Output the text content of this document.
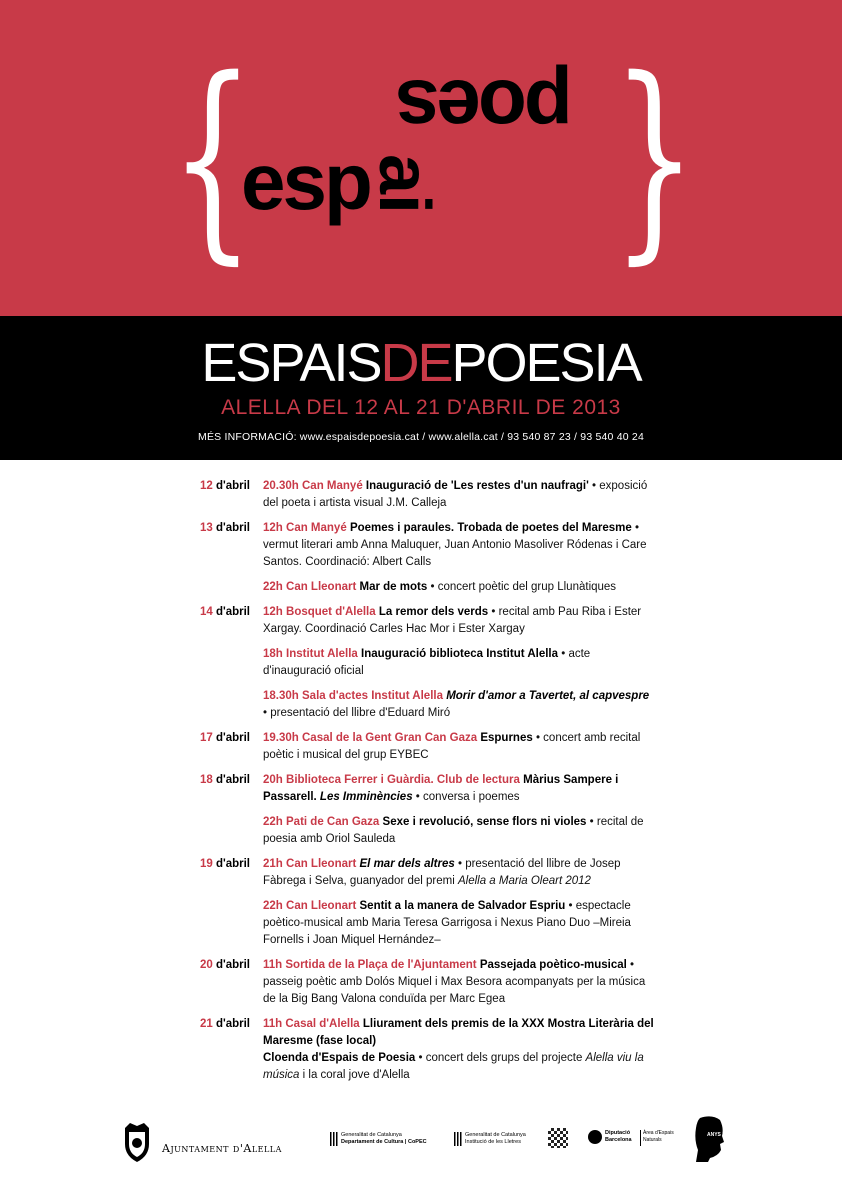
{ }
poes
esp
ai
ESPAISDEPOESIA
ALELLA DEL 12 AL 21 D'ABRIL DE 2013
MÉS INFORMACIÓ: www.espaisdepoesia.cat / www.alella.cat / 93 540 87 23 / 93 540 40 24
12 d'abril 20.30h Can Manyé Inauguració de 'Les restes d'un naufragi' • exposició del poeta i artista visual J.M. Calleja
13 d'abril 12h Can Manyé Poemes i paraules. Trobada de poetes del Maresme • vermut literari amb Anna Maluquer, Juan Antonio Masoliver Ródenas i Care Santos. Coordinació: Albert Calls
22h Can Lleonart Mar de mots • concert poètic del grup Llunàtiques
14 d'abril 12h Bosquet d'Alella La remor dels verds • recital amb Pau Riba i Ester Xargay. Coordinació Carles Hac Mor i Ester Xargay
18h Institut Alella Inauguració biblioteca Institut Alella • acte d'inauguració oficial
18.30h Sala d'actes Institut Alella Morir d'amor a Tavertet, al capvespre • presentació del llibre d'Eduard Miró
17 d'abril 19.30h Casal de la Gent Gran Can Gaza Espurnes • concert amb recital poètic i musical del grup EYBEC
18 d'abril 20h Biblioteca Ferrer i Guàrdia. Club de lectura Màrius Sampere i Passarell. Les Imminències • conversa i poemes
22h Pati de Can Gaza Sexe i revolució, sense flors ni violes • recital de poesia amb Oriol Sauleda
19 d'abril 21h Can Lleonart El mar dels altres • presentació del llibre de Josep Fàbrega i Selva, guanyador del premi Alella a Maria Oleart 2012
22h Can Lleonart Sentit a la manera de Salvador Espriu • espectacle poètico-musical amb Maria Teresa Garrigosa i Nexus Piano Duo –Mireia Fornells i Joan Miquel Hernández–
20 d'abril 11h Sortida de la Plaça de l'Ajuntament Passejada poètico-musical • passeig poètic amb Dolós Miquel i Max Besora acompanyats per la música de la Big Bang Valona conduïda per Marc Egea
21 d'abril 11h Casal d'Alella Lliurament dels premis de la XXX Mostra Literària del Maresme (fase local)
Cloenda d'Espais de Poesia • concert dels grups del projecte Alella viu la música i la coral jove d'Alella
Ajuntament d'Alella
Generalitat de Catalunya
Departament de Cultura | CoPEC
Generalitat de Catalunya
Institució de les Lletres
Diputació
Barcelona
Àrea d'Espais
Naturals
ANYS ESPRIU
